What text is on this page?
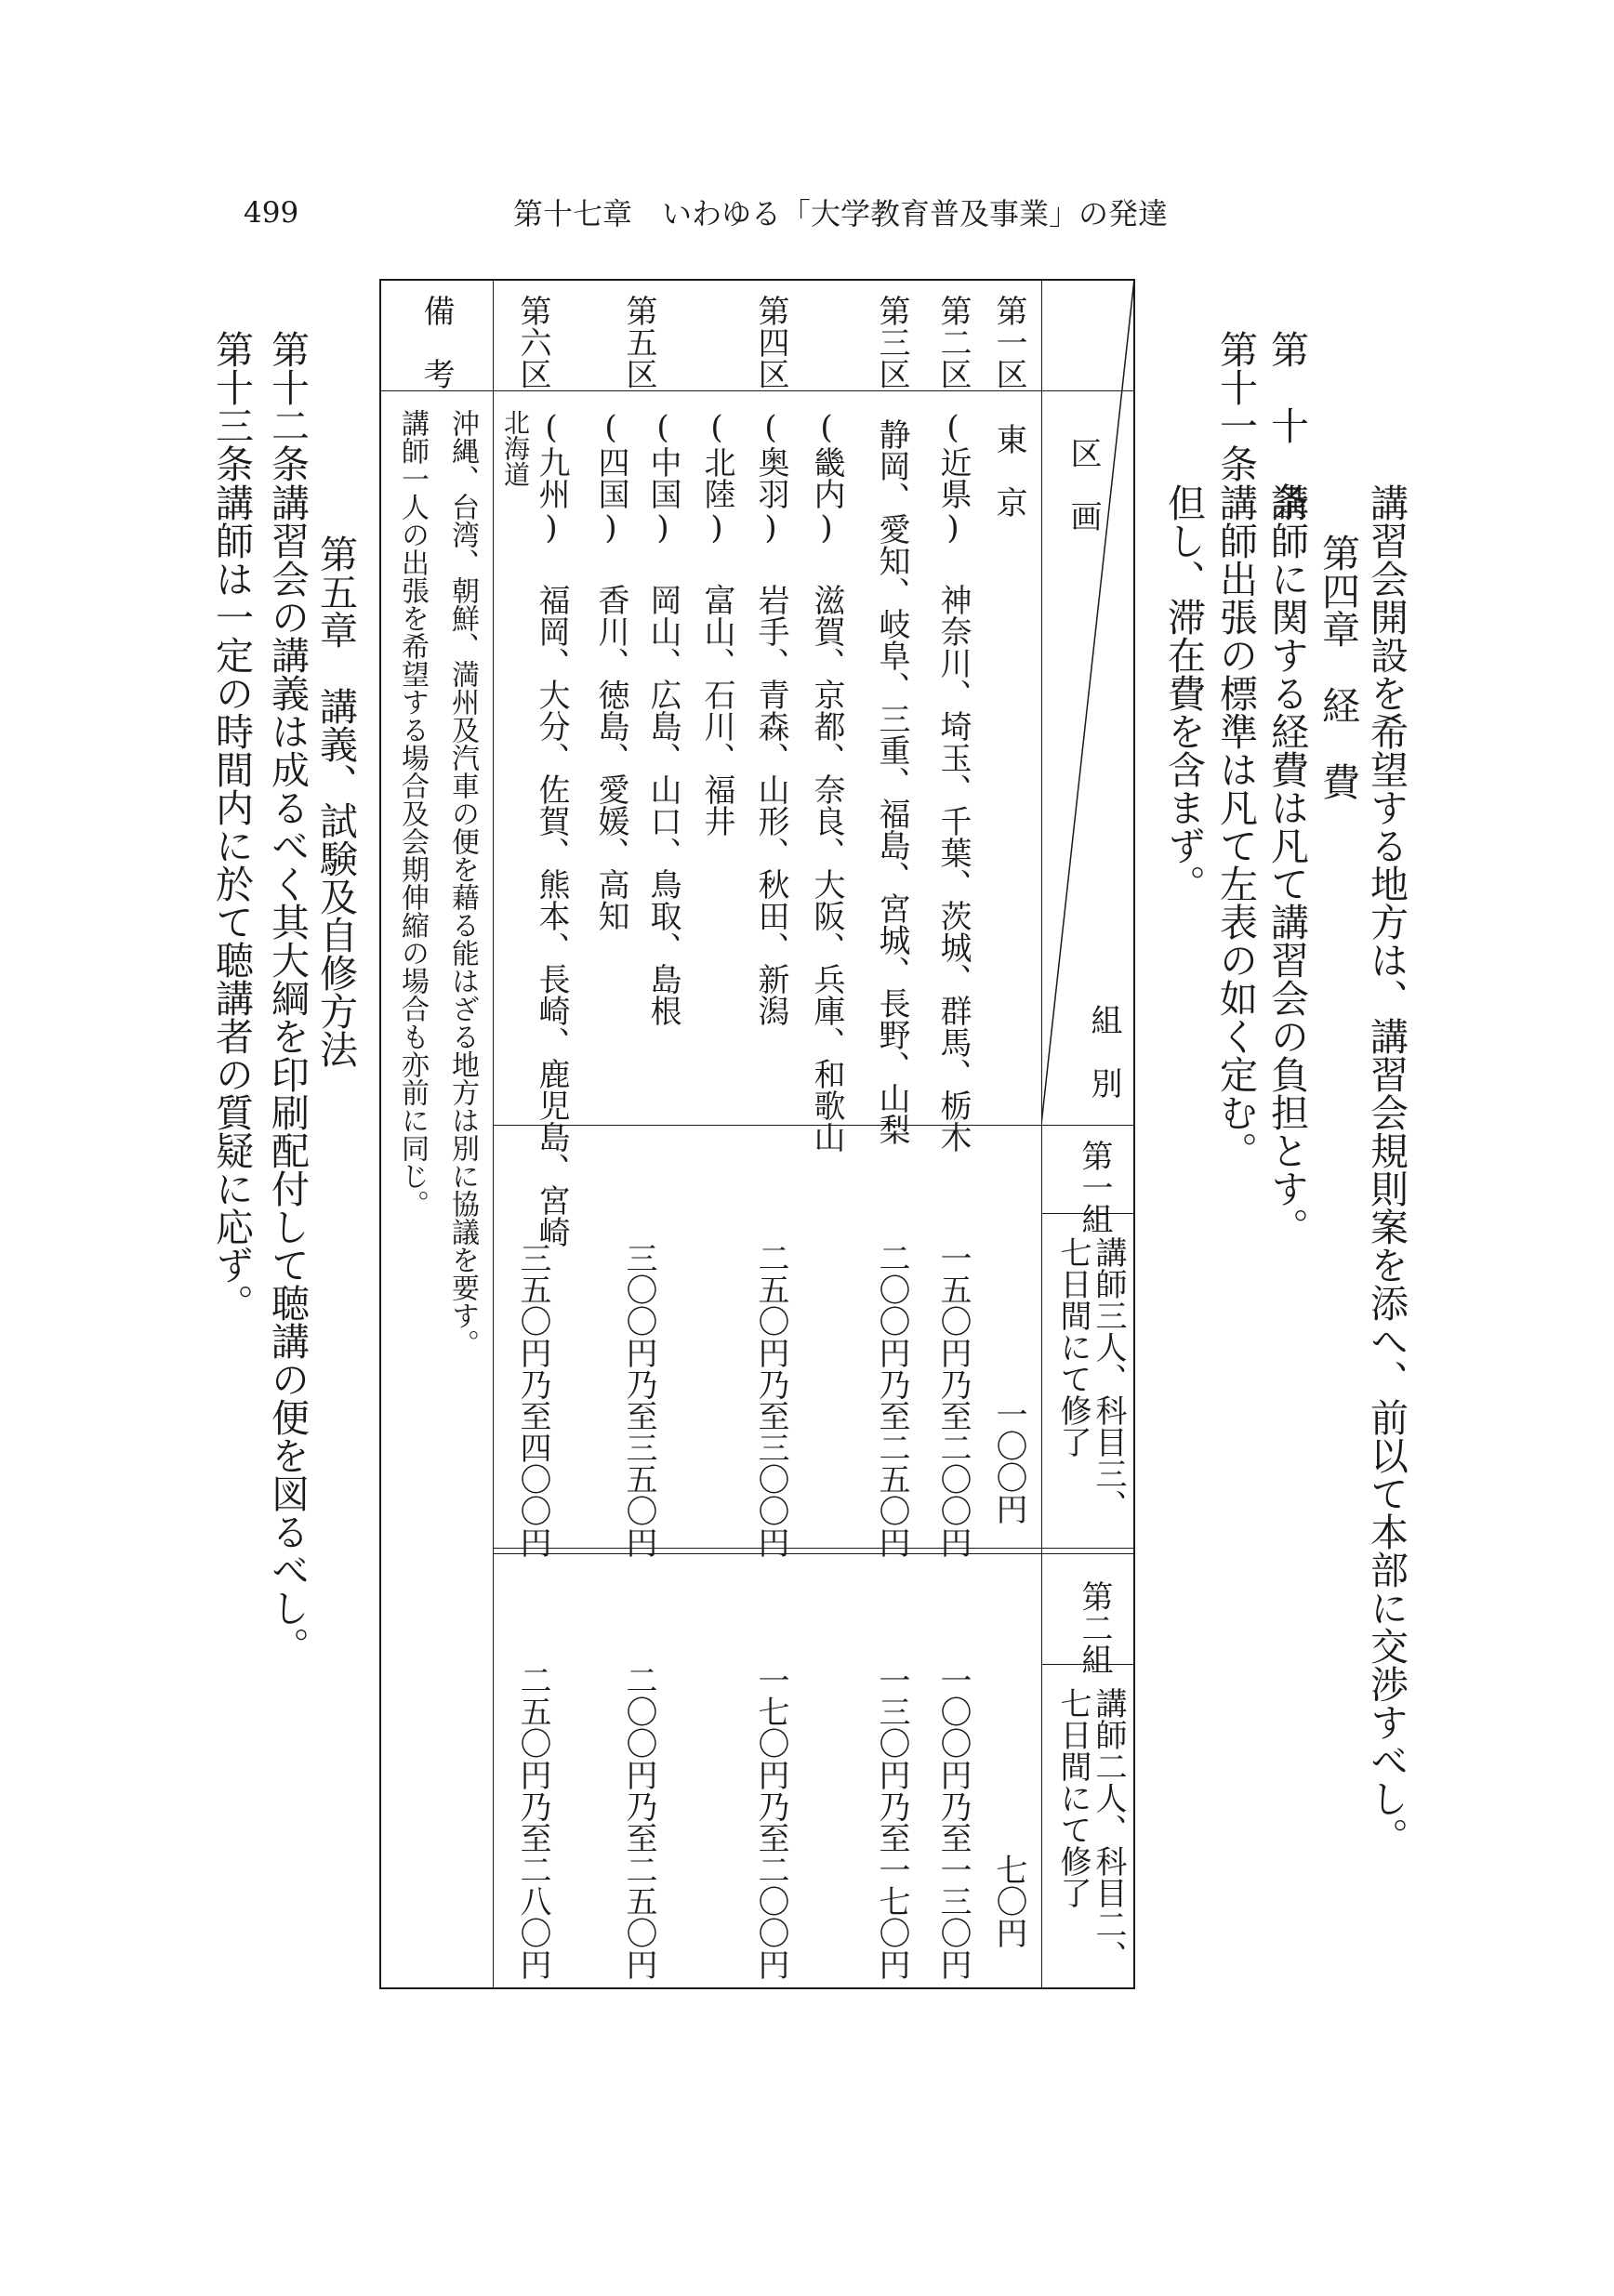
499	第十七章　いわゆる「大学教育普及事業」の発達
講習会開設を希望する地方は、講習会規則案を添へ、前以て本部に交渉すべし。
第四章　経　費
第　十　条
講師に関する経費は凡て講習会の負担とす。
第十一条
講師出張の標準は凡て左表の如く定む。
但し、滞在費を含まず。
区　画
組　別
第一組
講師三人、科目三、
七日間にて修了
第二組
講師二人、科目二、
七日間にて修了
第一区
東　京
一〇〇円
七〇円
第二区
(近県) 神奈川、埼玉、千葉、茨城、群馬、栃木
一五〇円乃至二〇〇円
一〇〇円乃至一三〇円
第三区
静岡、愛知、岐阜、三重、福島、宮城、長野、山梨
二〇〇円乃至二五〇円
一三〇円乃至一七〇円
第四区
(畿内) 滋賀、京都、奈良、大阪、兵庫、和歌山
(奥羽) 岩手、青森、山形、秋田、新潟
(北陸) 富山、石川、福井
二五〇円乃至三〇〇円
一七〇円乃至二〇〇円
第五区
(中国) 岡山、広島、山口、鳥取、島根
(四国) 香川、徳島、愛媛、高知
三〇〇円乃至三五〇円
二〇〇円乃至二五〇円
第六区
(九州) 福岡、大分、佐賀、熊本、長崎、鹿児島、宮崎
北海道
三五〇円乃至四〇〇円
二五〇円乃至二八〇円
備　考
沖縄、台湾、朝鮮、満州及汽車の便を藉る能はざる地方は別に協議を要す。
講師一人の出張を希望する場合及会期伸縮の場合も亦前に同じ。
第五章　講義、試験及自修方法
第十二条
講習会の講義は成るべく其大綱を印刷配付して聴講の便を図るべし。
第十三条
講師は一定の時間内に於て聴講者の質疑に応ず。
